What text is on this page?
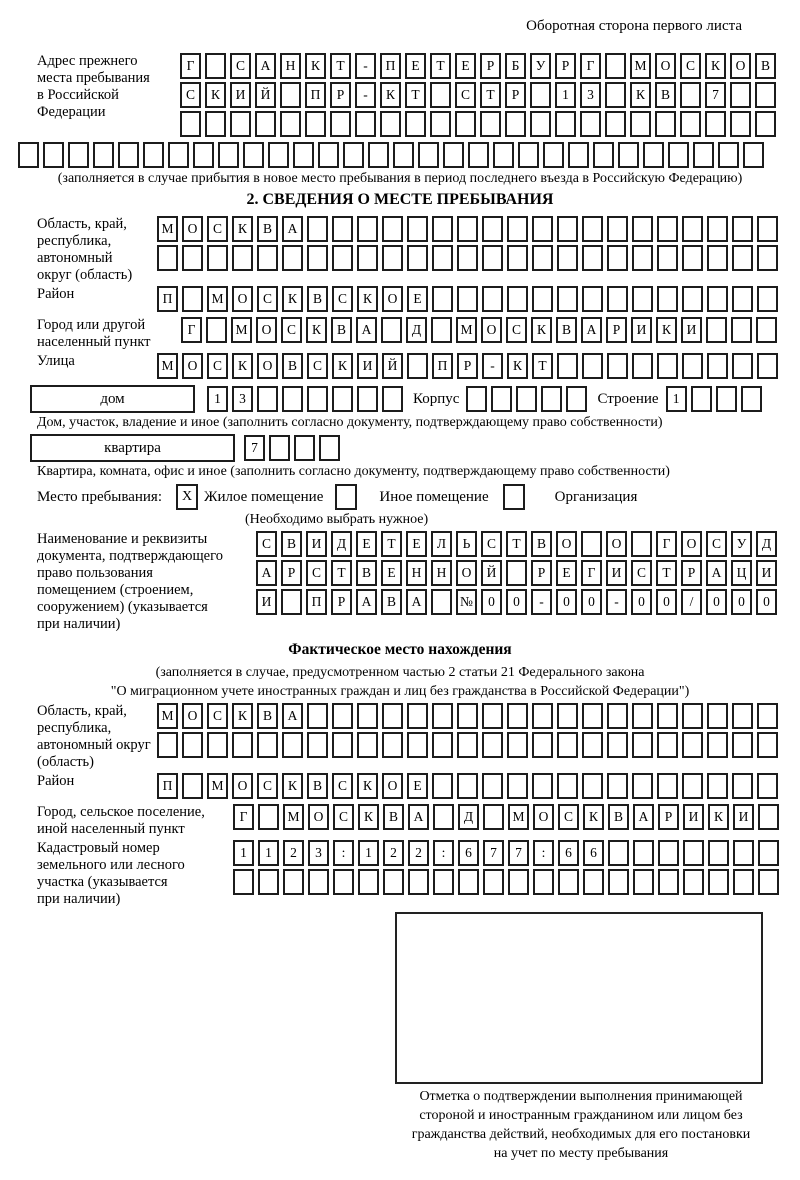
Оборотная сторона первого листа
Адрес прежнего
места пребывания
в Российской
Федерации
Г	С	А	Н	К	Т	-	П	Е	Т	Е	Р	Б	У	Р	Г	М	О	С	К	О	В
С	К	И	Й	П	Р	-	К	Т	С	Т	Р	1	3	К	В	7
(заполняется в случае прибытия в новое место пребывания в период последнего въезда в Российскую Федерацию)
2. СВЕДЕНИЯ О МЕСТЕ ПРЕБЫВАНИЯ
Область, край,
республика,
автономный
округ (область)
М	О	С	К	В	А
Район	П	М	О	С	К	В	С	К	О	Е
Город или другой
населенный пункт
Г	М	О	С	К	В	А	Д	М	О	С	К	В	А	Р	И	К	И
Улица	М	О	С	К	О	В	С	К	И	Й	П	Р	-	К	Т
дом	1	3	Корпус	Строение	1
Дом, участок, владение и иное (заполнить согласно документу, подтверждающему право собственности)
квартира	7
Квартира, комната, офис и иное (заполнить согласно документу, подтверждающему право собственности)
Место пребывания:	Х Жилое помещение	Иное помещение	Организация
(Необходимо выбрать нужное)
Наименование и реквизиты
документа, подтверждающего
право пользования
помещением (строением,
сооружением) (указывается
при наличии)
С	В	И	Д	Е	Т	Е	Л	Ь	С	Т	В	О	О	Г	О	С	У	Д
А	Р	С	Т	В	Е	Н	Н	О	Й	Р	Е	Г	И	С	Т	Р	А	Ц	И
И	П	Р	А	В	А	№	0	0	-	0	0	-	0	0	/	0	0	0
Фактическое место нахождения
(заполняется в случае, предусмотренном частью 2 статьи 21 Федерального закона
"О миграционном учете иностранных граждан и лиц без гражданства в Российской Федерации")
Область, край,
республика,
автономный округ
(область)
М	О	С	К	В	А
Район	П	М	О	С	К	В	С	К	О	Е
Город, сельское поселение,
иной населенный пункт
Г	М	О	С	К	В	А	Д	М	О	С	К	В	А	Р	И	К	И
Кадастровый номер
земельного или лесного
участка (указывается
при наличии)
1	1	2	3	:	1	2	2	:	6	7	7	:	6	6
Отметка о подтверждении выполнения принимающей
стороной и иностранным гражданином или лицом без
гражданства действий, необходимых для его постановки
на учет по месту пребывания
